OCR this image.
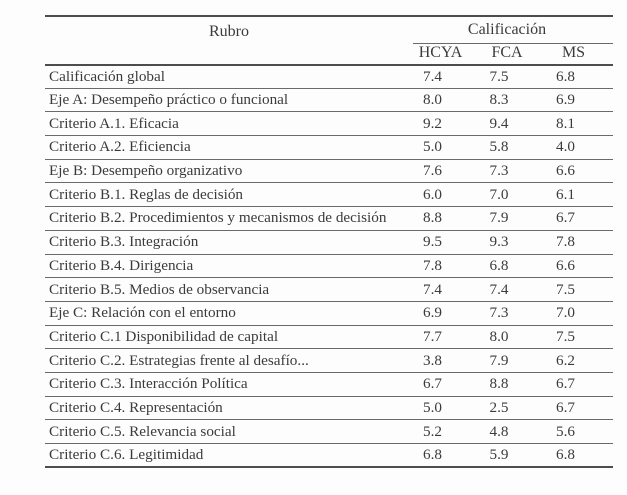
Rubro	Calificación		
	HCYA	FCA	MS
Calificación global	7.4	7.5	6.8
Eje A: Desempeño práctico o funcional	8.0	8.3	6.9
Criterio A.1. Eficacia	9.2	9.4	8.1
Criterio A.2. Eficiencia	5.0	5.8	4.0
Eje B: Desempeño organizativo	7.6	7.3	6.6
Criterio B.1. Reglas de decisión	6.0	7.0	6.1
Criterio B.2. Procedimientos y mecanismos de decisión	8.8	7.9	6.7
Criterio B.3. Integración	9.5	9.3	7.8
Criterio B.4. Dirigencia	7.8	6.8	6.6
Criterio B.5. Medios de observancia	7.4	7.4	7.5
Eje C: Relación con el entorno	6.9	7.3	7.0
Criterio C.1 Disponibilidad de capital	7.7	8.0	7.5
Criterio C.2. Estrategias frente al desafío...	3.8	7.9	6.2
Criterio C.3. Interacción Política	6.7	8.8	6.7
Criterio C.4. Representación	5.0	2.5	6.7
Criterio C.5. Relevancia social	5.2	4.8	5.6
Criterio C.6. Legitimidad	6.8	5.9	6.8
